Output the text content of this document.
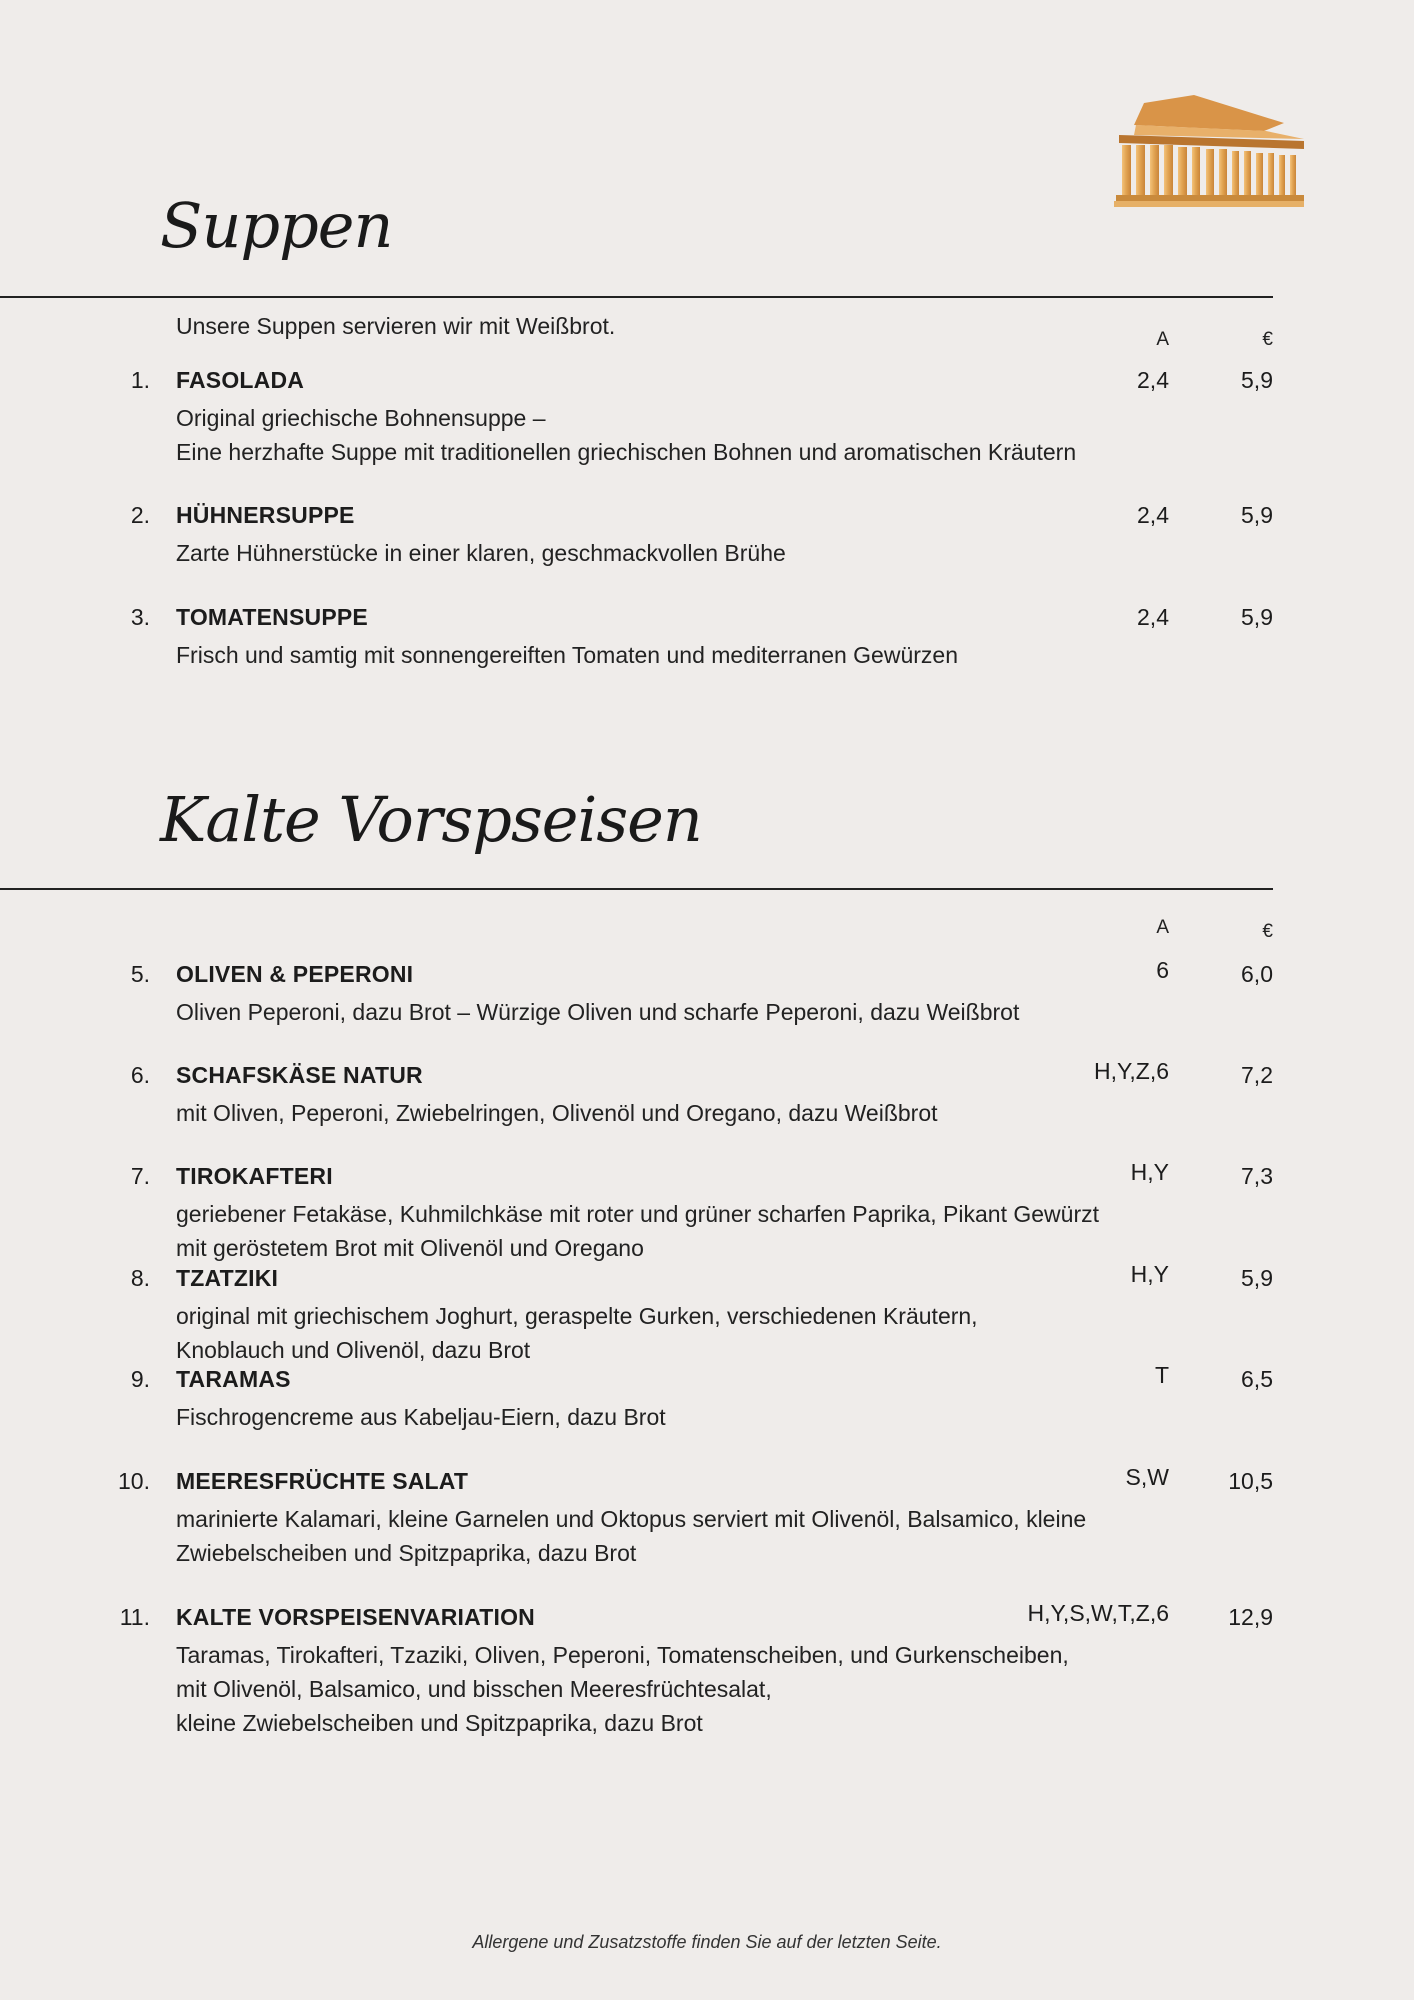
Suppen
Unsere Suppen servieren wir mit Weißbrot.
A	€
1. FASOLADA	2,4	5,9
Original griechische Bohnensuppe –
Eine herzhafte Suppe mit traditionellen griechischen Bohnen und aromatischen Kräutern
2. HÜHNERSUPPE	2,4	5,9
Zarte Hühnerstücke in einer klaren, geschmackvollen Brühe
3. TOMATENSUPPE	2,4	5,9
Frisch und samtig mit sonnengereiften Tomaten und mediterranen Gewürzen
Kalte Vorspseisen
A	€
5. OLIVEN & PEPERONI	6	6,0
Oliven Peperoni, dazu Brot – Würzige Oliven und scharfe Peperoni, dazu Weißbrot
6. SCHAFSKÄSE NATUR	H,Y,Z,6	7,2
mit Oliven, Peperoni, Zwiebelringen, Olivenöl und Oregano, dazu Weißbrot
7. TIROKAFTERI	H,Y	7,3
geriebener Fetakäse, Kuhmilchkäse mit roter und grüner scharfen Paprika, Pikant Gewürzt
mit geröstetem Brot mit Olivenöl und Oregano
8. TZATZIKI	H,Y	5,9
original mit griechischem Joghurt, geraspelte Gurken, verschiedenen Kräutern,
Knoblauch und Olivenöl, dazu Brot
9. TARAMAS	T	6,5
Fischrogencreme aus Kabeljau-Eiern, dazu Brot
10. MEERESFRÜCHTE SALAT	S,W	10,5
marinierte Kalamari, kleine Garnelen und Oktopus serviert mit Olivenöl, Balsamico, kleine
Zwiebelscheiben und Spitzpaprika, dazu Brot
11. KALTE VORSPEISENVARIATION	H,Y,S,W,T,Z,6	12,9
Taramas, Tirokafteri, Tzaziki, Oliven, Peperoni, Tomatenscheiben, und Gurkenscheiben,
mit Olivenöl, Balsamico, und bisschen Meeresfrüchtesalat,
kleine Zwiebelscheiben und Spitzpaprika, dazu Brot
Allergene und Zusatzstoffe finden Sie auf der letzten Seite.
